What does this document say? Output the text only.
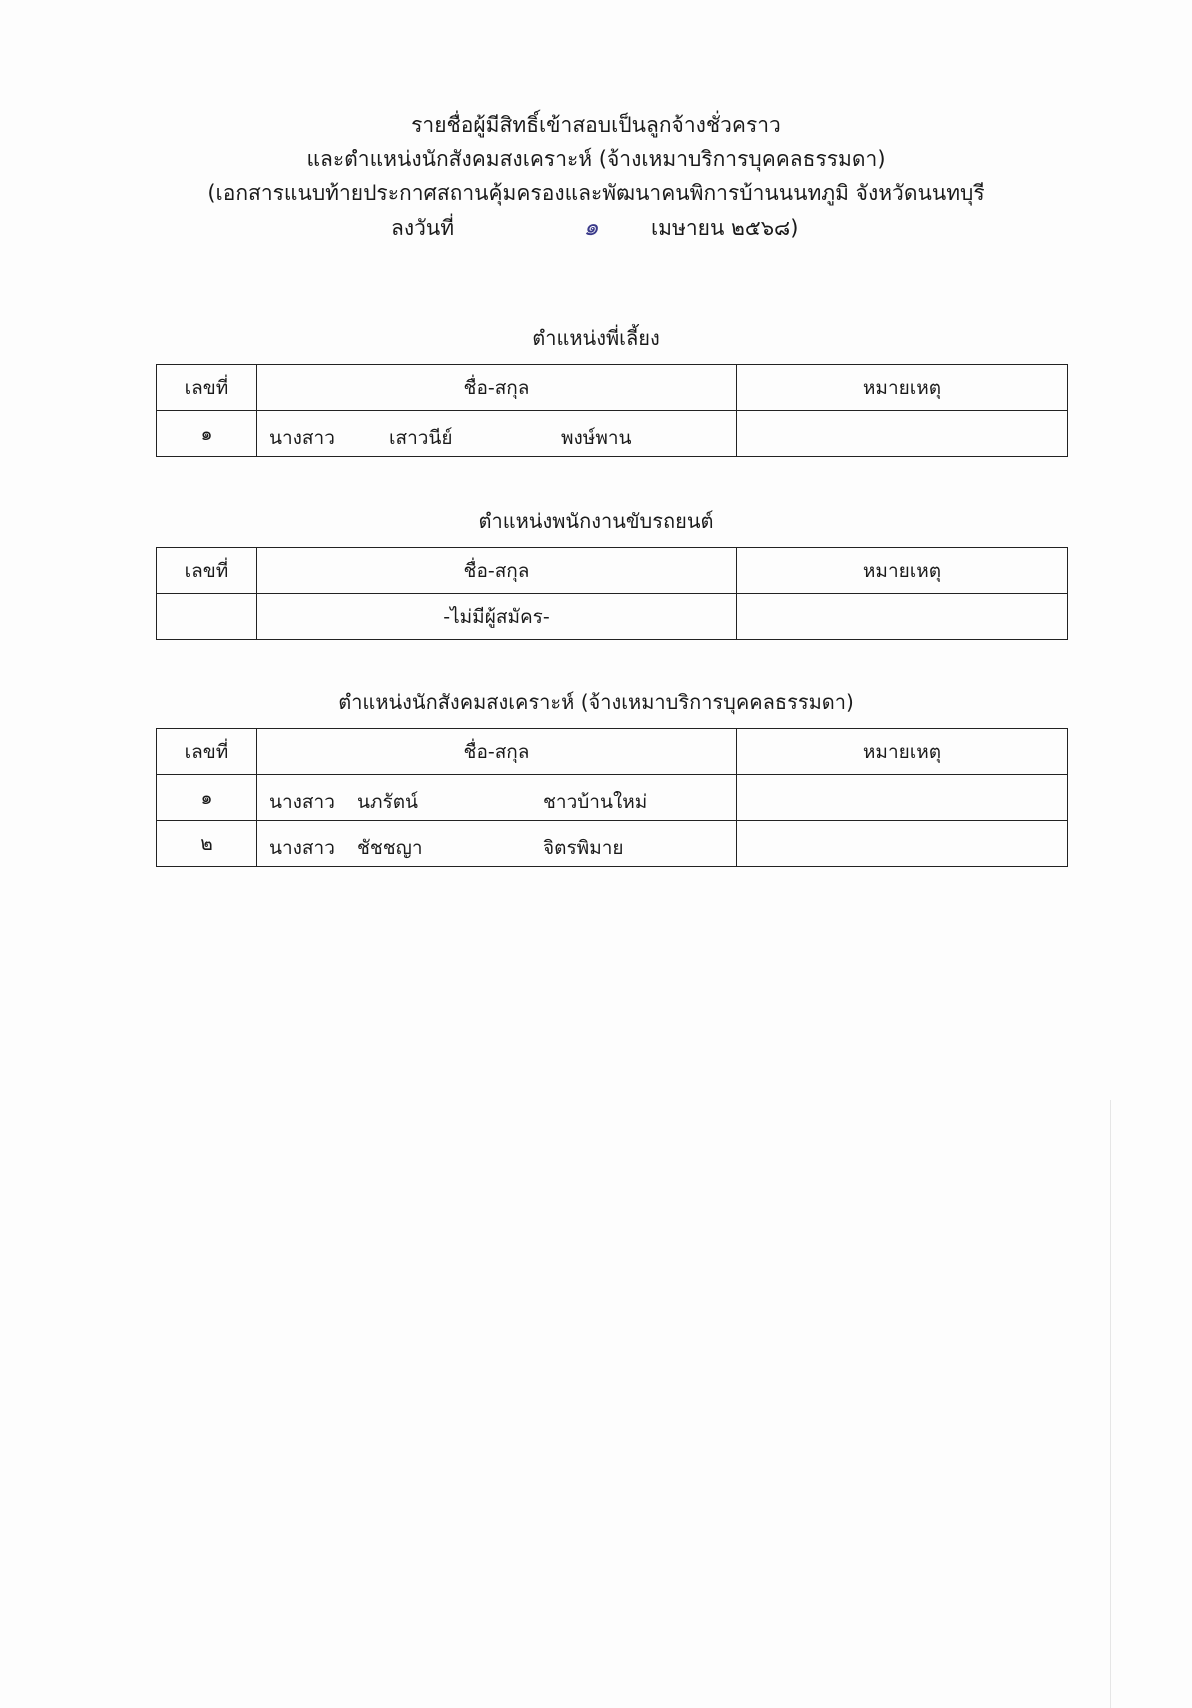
รายชื่อผู้มีสิทธิ์เข้าสอบเป็นลูกจ้างชั่วคราว
และตำแหน่งนักสังคมสงเคราะห์ (จ้างเหมาบริการบุคคลธรรมดา)
(เอกสารแนบท้ายประกาศสถานคุ้มครองและพัฒนาคนพิการบ้านนนทภูมิ จังหวัดนนทบุรี
ลงวันที่	๑	เมษายน ๒๕๖๘)
ตำแหน่งพี่เลี้ยง
เลขที่	ชื่อ-สกุล	หมายเหตุ
๑	นางสาว เสาวนีย์ พงษ์พาน	

ตำแหน่งพนักงานขับรถยนต์
เลขที่	ชื่อ-สกุล	หมายเหตุ
	-ไม่มีผู้สมัคร-	
ตำแหน่งนักสังคมสงเคราะห์ (จ้างเหมาบริการบุคคลธรรมดา)
เลขที่	ชื่อ-สกุล	หมายเหตุ
๑	นางสาว นภรัตน์ ชาวบ้านใหม่	

๒	นางสาว ชัชชญา จิตรพิมาย	
